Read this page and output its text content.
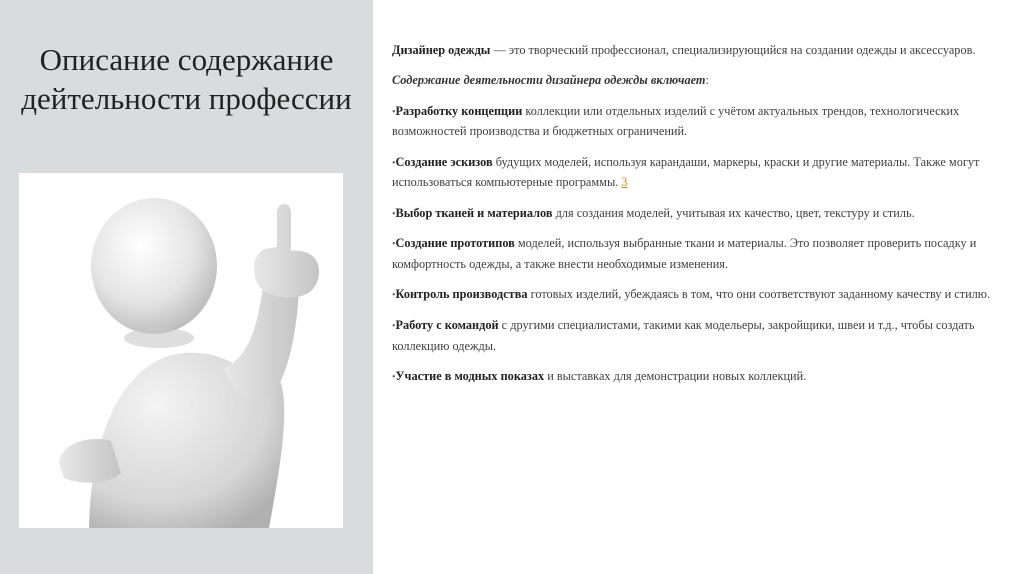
Описание содержание дейтельности профессии

Дизайнер одежды — это творческий профессионал, специализирующийся на создании одежды и аксессуаров.

Содержание деятельности дизайнера одежды включает:

•Разработку концепции коллекции или отдельных изделий с учётом актуальных трендов, технологических возможностей производства и бюджетных ограничений.

•Создание эскизов будущих моделей, используя карандаши, маркеры, краски и другие материалы. Также могут использоваться компьютерные программы. 3

•Выбор тканей и материалов для создания моделей, учитывая их качество, цвет, текстуру и стиль.

•Создание прототипов моделей, используя выбранные ткани и материалы. Это позволяет проверить посадку и комфортность одежды, а также внести необходимые изменения.

•Контроль производства готовых изделий, убеждаясь в том, что они соответствуют заданному качеству и стилю.

•Работу с командой с другими специалистами, такими как модельеры, закройщики, швеи и т.д., чтобы создать коллекцию одежды.

•Участие в модных показах и выставках для демонстрации новых коллекций.
